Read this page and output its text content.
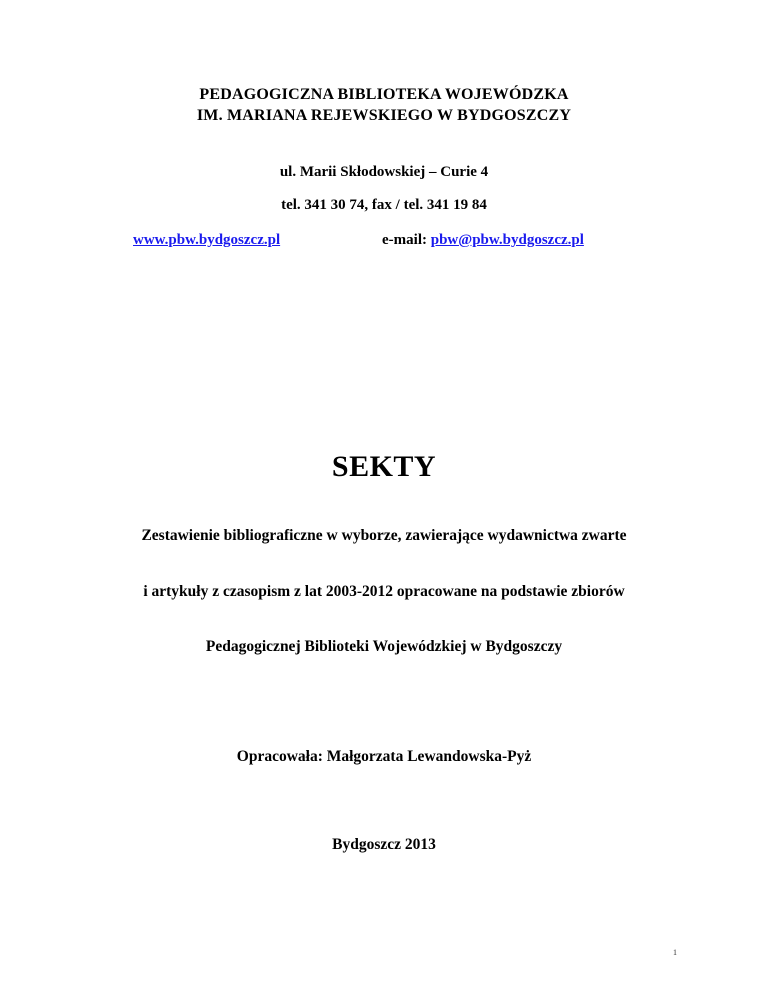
PEDAGOGICZNA BIBLIOTEKA WOJEWÓDZKA
IM. MARIANA REJEWSKIEGO W BYDGOSZCZY
ul. Marii Skłodowskiej – Curie 4
tel. 341 30 74, fax / tel. 341 19 84
www.pbw.bydgoszcz.pl	e-mail: pbw@pbw.bydgoszcz.pl
SEKTY
Zestawienie bibliograficzne w wyborze, zawierające wydawnictwa zwarte
i artykuły z czasopism z lat 2003-2012 opracowane na podstawie zbiorów
Pedagogicznej Biblioteki Wojewódzkiej w Bydgoszczy
Opracowała: Małgorzata Lewandowska-Pyż
Bydgoszcz 2013
1
